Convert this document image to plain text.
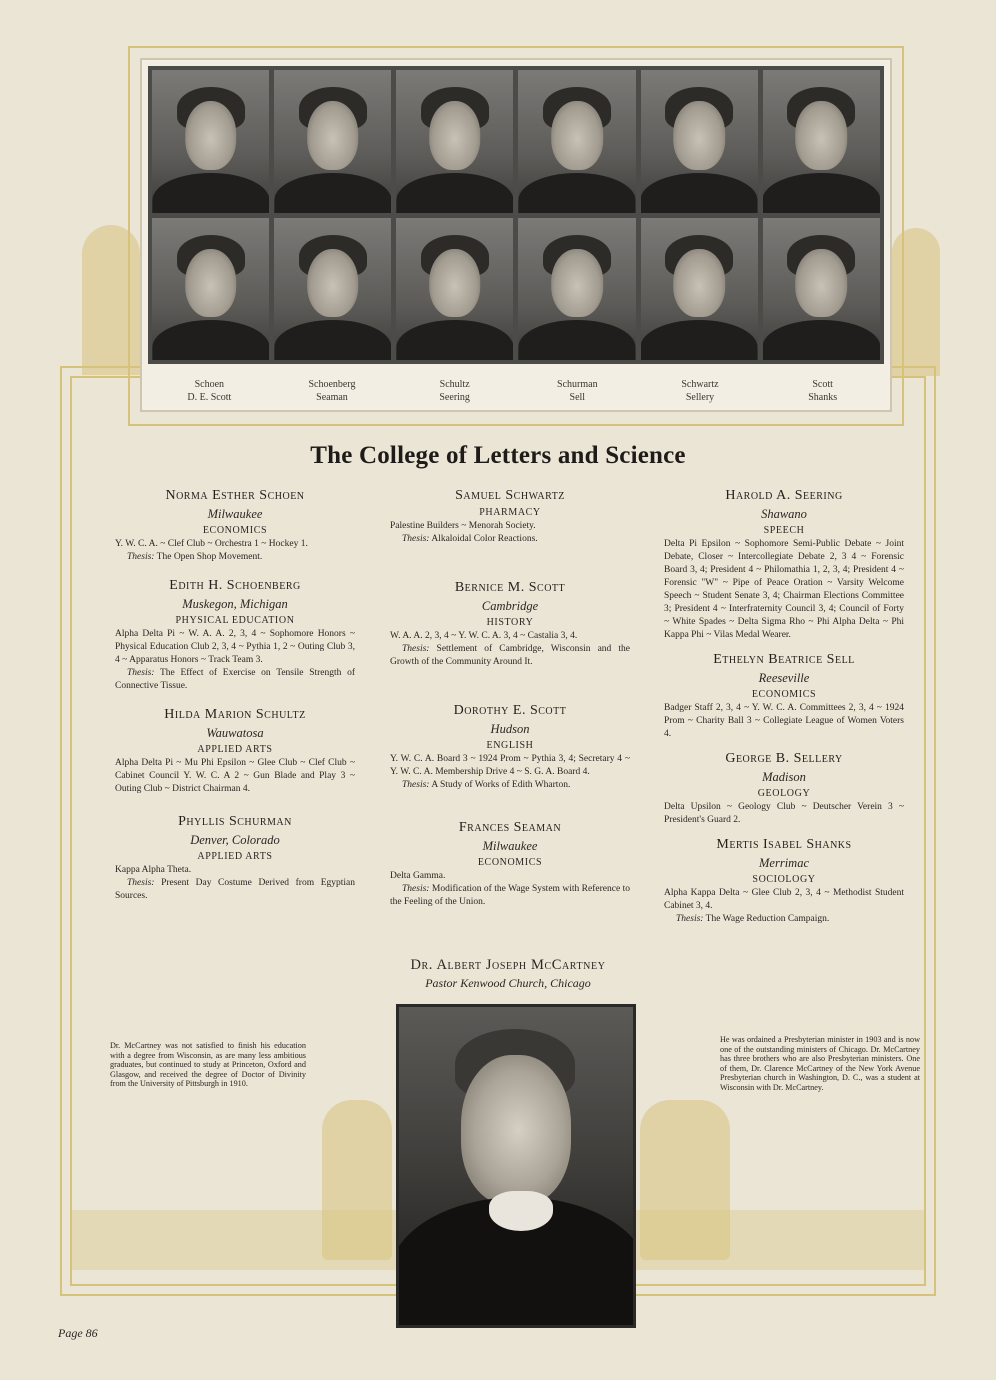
Schoen
D. E. Scott
Schoenberg
Seaman
Schultz
Seering
Schurman
Sell
Schwartz
Sellery
Scott
Shanks
The College of Letters and Science
Norma Esther Schoen
Milwaukee
ECONOMICS
Y. W. C. A. ~ Clef Club ~ Orchestra 1 ~ Hockey 1.
Thesis: The Open Shop Movement.
Edith H. Schoenberg
Muskegon, Michigan
PHYSICAL EDUCATION
Alpha Delta Pi ~ W. A. A. 2, 3, 4 ~ Sophomore Honors ~ Physical Education Club 2, 3, 4 ~ Pythia 1, 2 ~ Outing Club 3, 4 ~ Apparatus Honors ~ Track Team 3.
Thesis: The Effect of Exercise on Tensile Strength of Connective Tissue.
Hilda Marion Schultz
Wauwatosa
APPLIED ARTS
Alpha Delta Pi ~ Mu Phi Epsilon ~ Glee Club ~ Clef Club ~ Cabinet Council Y. W. C. A 2 ~ Gun Blade and Play 3 ~ Outing Club ~ District Chairman 4.
Phyllis Schurman
Denver, Colorado
APPLIED ARTS
Kappa Alpha Theta.
Thesis: Present Day Costume Derived from Egyptian Sources.
Samuel Schwartz
PHARMACY
Palestine Builders ~ Menorah Society.
Thesis: Alkaloidal Color Reactions.
Bernice M. Scott
Cambridge
HISTORY
W. A. A. 2, 3, 4 ~ Y. W. C. A. 3, 4 ~ Castalia 3, 4.
Thesis: Settlement of Cambridge, Wisconsin and the Growth of the Community Around It.
Dorothy E. Scott
Hudson
ENGLISH
Y. W. C. A. Board 3 ~ 1924 Prom ~ Pythia 3, 4; Secretary 4 ~ Y. W. C. A. Membership Drive 4 ~ S. G. A. Board 4.
Thesis: A Study of Works of Edith Wharton.
Frances Seaman
Milwaukee
ECONOMICS
Delta Gamma.
Thesis: Modification of the Wage System with Reference to the Feeling of the Union.
Harold A. Seering
Shawano
SPEECH
Delta Pi Epsilon ~ Sophomore Semi-Public Debate ~ Joint Debate, Closer ~ Intercollegiate Debate 2, 3 4 ~ Forensic Board 3, 4; President 4 ~ Philomathia 1, 2, 3, 4; President 4 ~ Forensic "W" ~ Pipe of Peace Oration ~ Varsity Welcome Speech ~ Student Senate 3, 4; Chairman Elections Committee 3; President 4 ~ Interfraternity Council 3, 4; Council of Forty ~ White Spades ~ Delta Sigma Rho ~ Phi Alpha Delta ~ Phi Kappa Phi ~ Vilas Medal Wearer.
Ethelyn Beatrice Sell
Reeseville
ECONOMICS
Badger Staff 2, 3, 4 ~ Y. W. C. A. Committees 2, 3, 4 ~ 1924 Prom ~ Charity Ball 3 ~ Collegiate League of Women Voters 4.
George B. Sellery
Madison
GEOLOGY
Delta Upsilon ~ Geology Club ~ Deutscher Verein 3 ~ President's Guard 2.
Mertis Isabel Shanks
Merrimac
SOCIOLOGY
Alpha Kappa Delta ~ Glee Club 2, 3, 4 ~ Methodist Student Cabinet 3, 4.
Thesis: The Wage Reduction Campaign.
Dr. Albert Joseph McCartney
Pastor Kenwood Church, Chicago
Dr. McCartney was not satisfied to finish his education with a degree from Wisconsin, as are many less ambitious graduates, but continued to study at Princeton, Oxford and Glasgow, and received the degree of Doctor of Divinity from the University of Pittsburgh in 1910.
He was ordained a Presbyterian minister in 1903 and is now one of the outstanding ministers of Chicago. Dr. McCartney has three brothers who are also Presbyterian ministers. One of them, Dr. Clarence McCartney of the New York Avenue Presbyterian church in Washington, D. C., was a student at Wisconsin with Dr. McCartney.
Page 86
